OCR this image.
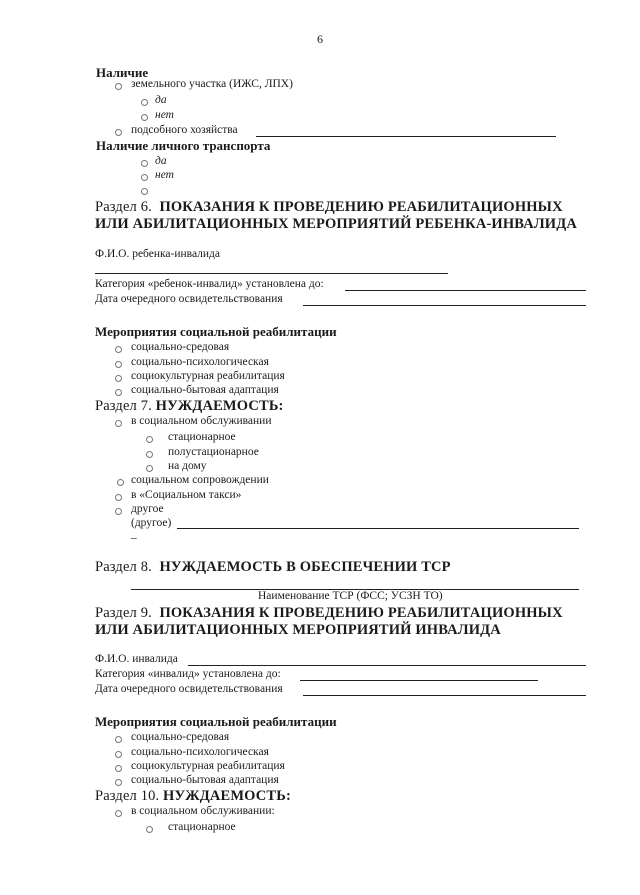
6
Наличие
земельного участка (ИЖС, ЛПХ)
да
нет
подсобного хозяйства
Наличие личного транспорта
да
нет
Раздел 6. ПОКАЗАНИЯ К ПРОВЕДЕНИЮ РЕАБИЛИТАЦИОННЫХ
ИЛИ АБИЛИТАЦИОННЫХ МЕРОПРИЯТИЙ РЕБЕНКА-ИНВАЛИДА
Ф.И.О. ребенка-инвалида
Категория «ребенок-инвалид» установлена до:
Дата очередного освидетельствования
Мероприятия социальной реабилитации
социально-средовая
социально-психологическая
социокультурная реабилитация
социально-бытовая адаптация
Раздел 7. НУЖДАЕМОСТЬ:
в социальном обслуживании
стационарное
полустационарное
на дому
социальном сопровождении
в «Социальном такси»
другое
(другое)
–
Раздел 8. НУЖДАЕМОСТЬ В ОБЕСПЕЧЕНИИ ТСР
Наименование ТСР (ФСС; УСЗН ТО)
Раздел 9. ПОКАЗАНИЯ К ПРОВЕДЕНИЮ РЕАБИЛИТАЦИОННЫХ
ИЛИ АБИЛИТАЦИОННЫХ МЕРОПРИЯТИЙ ИНВАЛИДА
Ф.И.О. инвалида
Категория «инвалид» установлена до:
Дата очередного освидетельствования
Мероприятия социальной реабилитации
социально-средовая
социально-психологическая
социокультурная реабилитация
социально-бытовая адаптация
Раздел 10. НУЖДАЕМОСТЬ:
в социальном обслуживании:
стационарное
